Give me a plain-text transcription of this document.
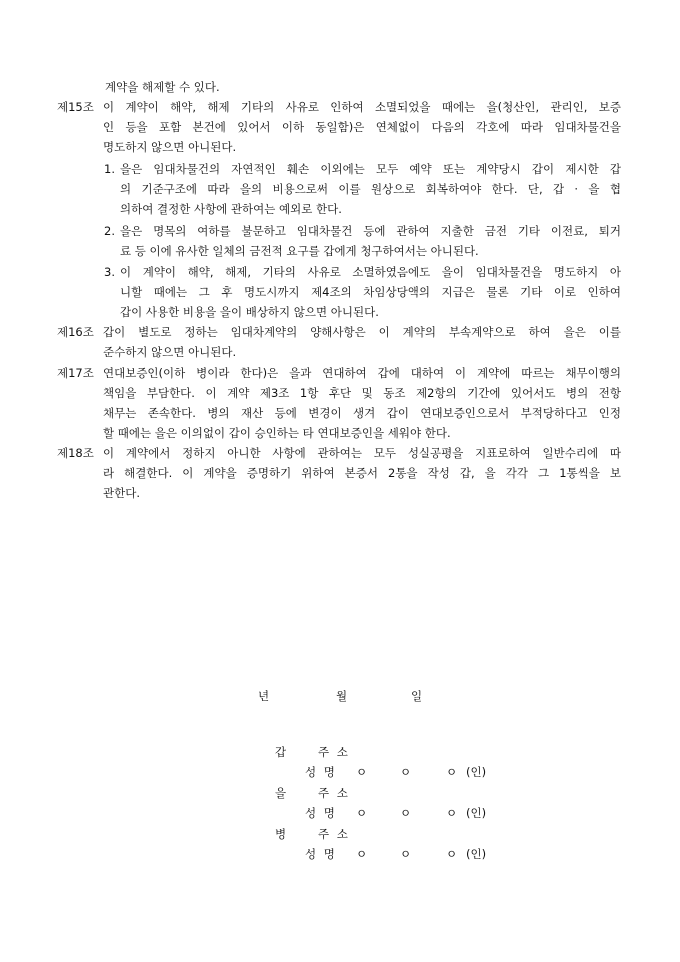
계약을 해제할 수 있다.
제15조 이 계약이 해약, 해제 기타의 사유로 인하여 소멸되었을 때에는 을(청산인, 관리인, 보증
인 등을 포함 본건에 있어서 이하 동일함)은 연체없이 다음의 각호에 따라 임대차물건을
명도하지 않으면 아니된다.
1. 을은 임대차물건의 자연적인 훼손 이외에는 모두 예약 또는 계약당시 갑이 제시한 갑
의 기준구조에 따라 을의 비용으로써 이를 원상으로 회복하여야 한다. 단, 갑 · 을 협
의하여 결정한 사항에 관하여는 예외로 한다.
2. 을은 명목의 여하를 불문하고 임대차물건 등에 관하여 지출한 금전 기타 이전료, 퇴거
료 등 이에 유사한 일체의 금전적 요구를 갑에게 청구하여서는 아니된다.
3. 이 계약이 해약, 해제, 기타의 사유로 소멸하였음에도 을이 임대차물건을 명도하지 아
니할 때에는 그 후 명도시까지 제4조의 차임상당액의 지급은 물론 기타 이로 인하여
갑이 사용한 비용을 을이 배상하지 않으면 아니된다.
제16조 갑이 별도로 정하는 임대차계약의 양해사항은 이 계약의 부속계약으로 하여 을은 이를
준수하지 않으면 아니된다.
제17조 연대보증인(이하 병이라 한다)은 을과 연대하여 갑에 대하여 이 계약에 따르는 채무이행의
책임을 부담한다. 이 계약 제3조 1항 후단 및 동조 제2항의 기간에 있어서도 병의 전항
채무는 존속한다. 병의 재산 등에 변경이 생겨 갑이 연대보증인으로서 부적당하다고 인정
할 때에는 을은 이의없이 갑이 승인하는 타 연대보증인을 세워야 한다.
제18조 이 계약에서 정하지 아니한 사항에 관하여는 모두 성실공평을 지표로하여 일반수리에 따
라 해결한다. 이 계약을 증명하기 위하여 본증서 2통을 작성 갑, 을 각각 그 1통씩을 보
관한다.
년	월	일
갑	주 소
성 명 ㅇ	ㅇ	ㅇ (인)
을	주 소
성 명 ㅇ	ㅇ	ㅇ (인)
병	주 소
성 명 ㅇ	ㅇ	ㅇ (인)
